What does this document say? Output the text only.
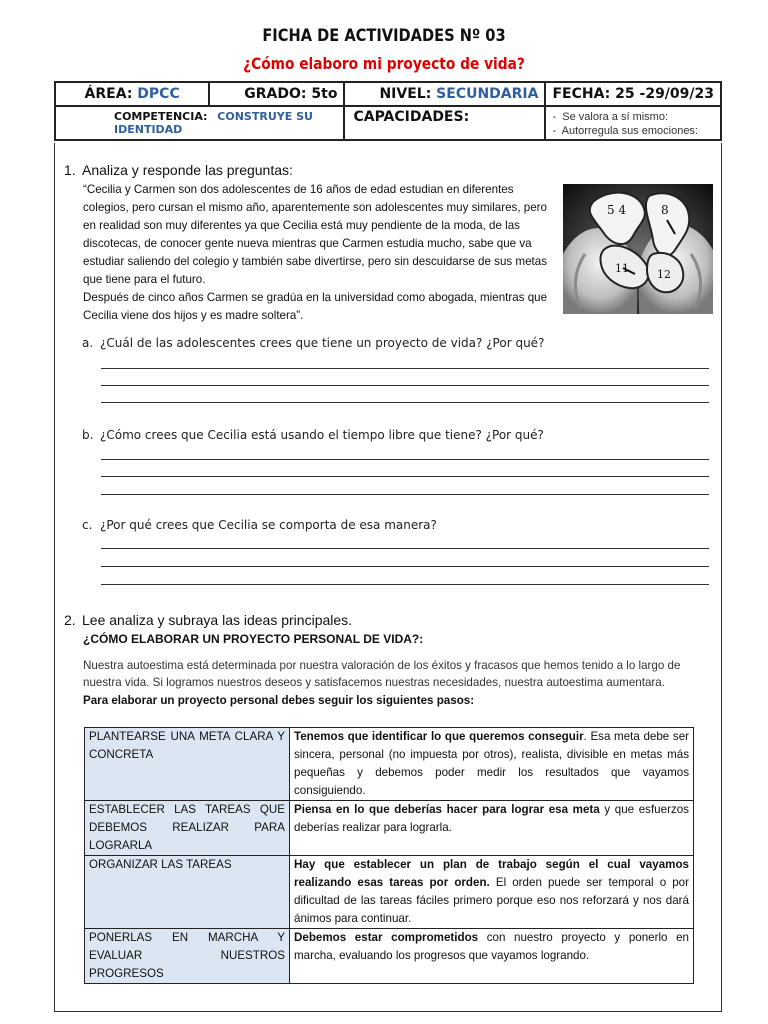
FICHA DE ACTIVIDADES Nº 03
¿Cómo elaboro mi proyecto de vida?
ÁREA: DPCC	GRADO: 5to	NIVEL: SECUNDARIA	FECHA: 25 -29/09/23
COMPETENCIA: CONSTRUYE SU IDENTIDAD		CAPACIDADES:	-  Se valora a sí mismo:
-  Autorregula sus emociones:
1. Analiza y responde las preguntas:
“Cecilia y Carmen son dos adolescentes de 16 años de edad estudian en diferentes colegios, pero cursan el mismo año, aparentemente son adolescentes muy similares, pero en realidad son muy diferentes ya que Cecilia está muy pendiente de la moda, de las discotecas, de conocer gente nueva mientras que Carmen estudia mucho, sabe que va estudiar saliendo del colegio y también sabe divertirse, pero sin descuidarse de sus metas que tiene para el futuro.
Después de cinco años Carmen se gradúa en la universidad como abogada, mientras que Cecilia viene dos hijos y es madre soltera”.
5 4	8
11	12
a. ¿Cuál de las adolescentes crees que tiene un proyecto de vida? ¿Por qué?
b. ¿Cómo crees que Cecilia está usando el tiempo libre que tiene? ¿Por qué?
c. ¿Por qué crees que Cecilia se comporta de esa manera?
2. Lee analiza y subraya las ideas principales.
¿CÓMO ELABORAR UN PROYECTO PERSONAL DE VIDA?:
Nuestra autoestima está determinada por nuestra valoración de los éxitos y fracasos que hemos tenido a lo largo de nuestra vida. Si logramos nuestros deseos y satisfacemos nuestras necesidades, nuestra autoestima aumentara.
Para elaborar un proyecto personal debes seguir los siguientes pasos:
PLANTEARSE UNA META CLARA Y CONCRETA	Tenemos que identificar lo que queremos conseguir. Esa meta debe ser sincera, personal (no impuesta por otros), realista, divisible en metas más pequeñas y debemos poder medir los resultados que vayamos consiguiendo.
ESTABLECER LAS TAREAS QUE DEBEMOS REALIZAR PARA LOGRARLA	Piensa en lo que deberías hacer para lograr esa meta y que esfuerzos deberías realizar para lograrla.
ORGANIZAR LAS TAREAS	Hay que establecer un plan de trabajo según el cual vayamos realizando esas tareas por orden. El orden puede ser temporal o por dificultad de las tareas fáciles primero porque eso nos reforzará y nos dará ánimos para continuar.
PONERLAS EN MARCHA Y EVALUAR NUESTROS PROGRESOS	Debemos estar comprometidos con nuestro proyecto y ponerlo en marcha, evaluando los progresos que vayamos logrando.
